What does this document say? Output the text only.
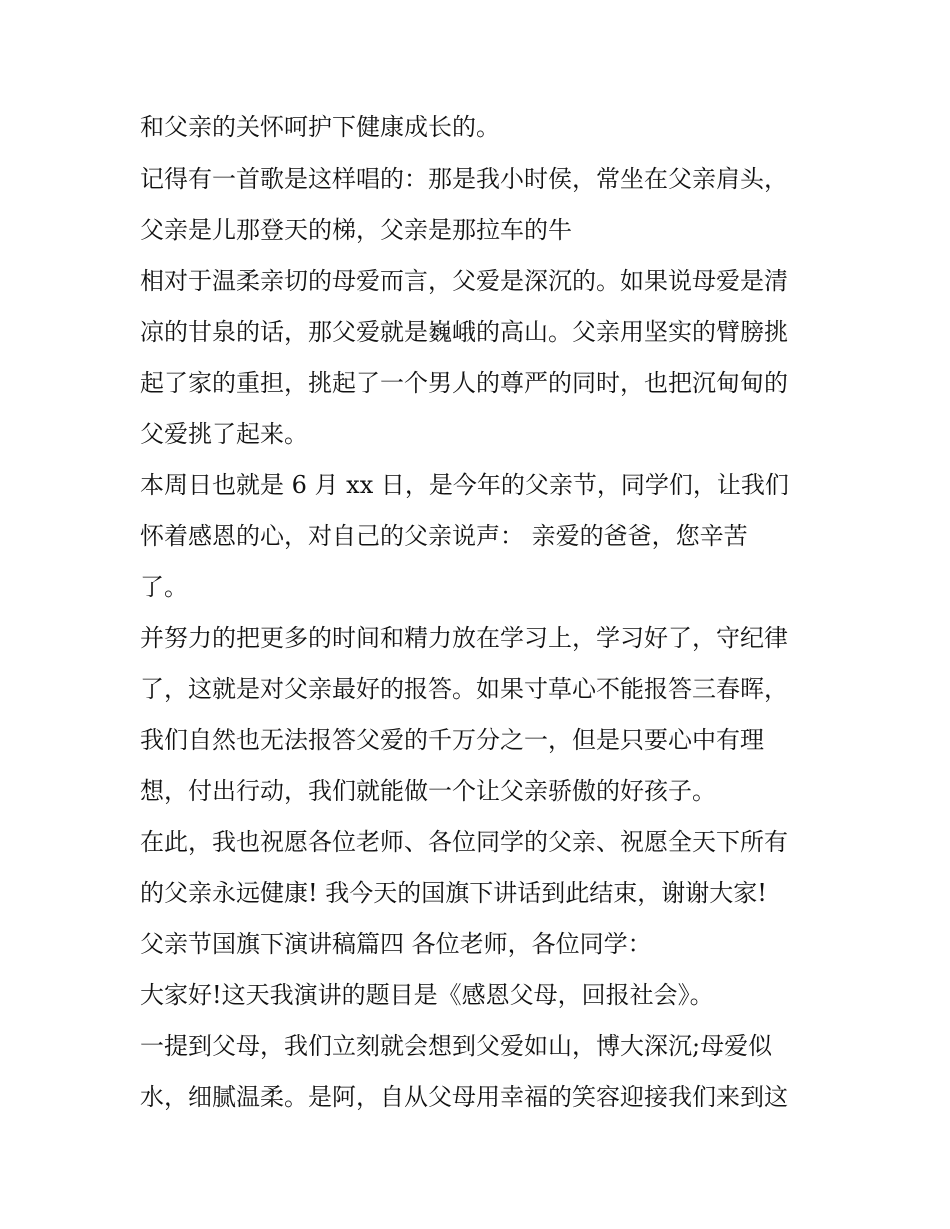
和父亲的关怀呵护下健康成长的。

记得有一首歌是这样唱的：那是我小时侯，常坐在父亲肩头，

父亲是儿那登天的梯，父亲是那拉车的牛

相对于温柔亲切的母爱而言，父爱是深沉的。如果说母爱是清

凉的甘泉的话，那父爱就是巍峨的高山。父亲用坚实的臂膀挑

起了家的重担，挑起了一个男人的尊严的同时，也把沉甸甸的

父爱挑了起来。

本周日也就是 6 月 xx 日，是今年的父亲节，同学们，让我们

怀着感恩的心，对自己的父亲说声： 亲爱的爸爸，您辛苦

了。

并努力的把更多的时间和精力放在学习上，学习好了，守纪律

了，这就是对父亲最好的报答。如果寸草心不能报答三春晖，

我们自然也无法报答父爱的千万分之一，但是只要心中有理

想，付出行动，我们就能做一个让父亲骄傲的好孩子。

在此，我也祝愿各位老师、各位同学的父亲、祝愿全天下所有

的父亲永远健康! 我今天的国旗下讲话到此结束，谢谢大家!

父亲节国旗下演讲稿篇四 各位老师，各位同学：

大家好!这天我演讲的题目是《感恩父母，回报社会》。

一提到父母，我们立刻就会想到父爱如山，博大深沉;母爱似

水，细腻温柔。是阿，自从父母用幸福的笑容迎接我们来到这
